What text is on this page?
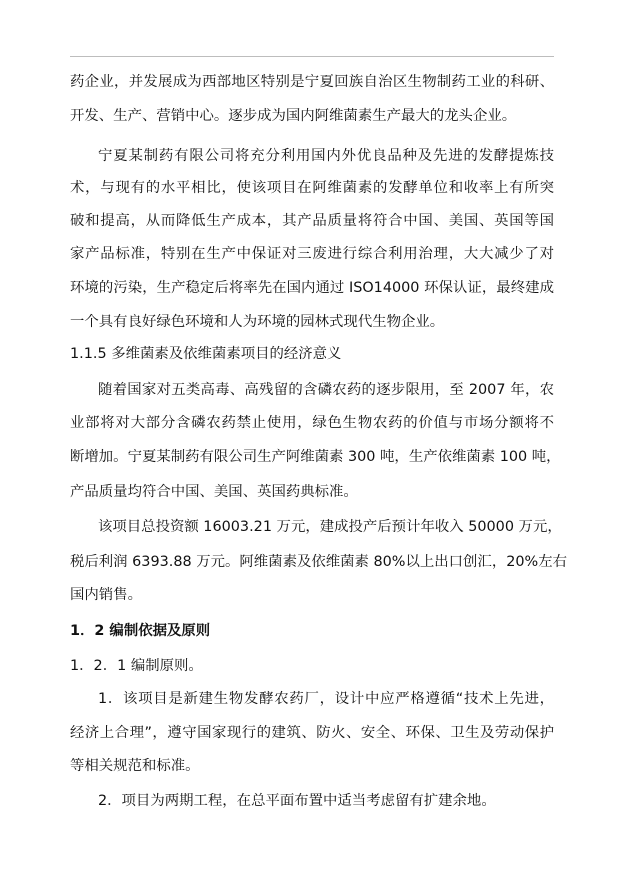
药企业，并发展成为西部地区特别是宁夏回族自治区生物制药工业的科研、
开发、生产、营销中心。逐步成为国内阿维菌素生产最大的龙头企业。
宁夏某制药有限公司将充分利用国内外优良品种及先进的发酵提炼技
术，与现有的水平相比，使该项目在阿维菌素的发酵单位和收率上有所突
破和提高，从而降低生产成本，其产品质量将符合中国、美国、英国等国
家产品标准，特别在生产中保证对三废进行综合利用治理，大大减少了对
环境的污染，生产稳定后将率先在国内通过 ISO14000 环保认证，最终建成
一个具有良好绿色环境和人为环境的园林式现代生物企业。
1.1.5 多维菌素及依维菌素项目的经济意义
随着国家对五类高毒、高残留的含磷农药的逐步限用，至 2007 年，农
业部将对大部分含磷农药禁止使用，绿色生物农药的价值与市场分额将不
断增加。宁夏某制药有限公司生产阿维菌素 300 吨，生产依维菌素 100 吨，
产品质量均符合中国、美国、英国药典标准。
该项目总投资额 16003.21 万元，建成投产后预计年收入 50000 万元，
税后利润 6393.88 万元。阿维菌素及依维菌素 80%以上出口创汇，20%左右
国内销售。
1．2 编制依据及原则
1．2．1 编制原则。
1．该项目是新建生物发酵农药厂，设计中应严格遵循“技术上先进，
经济上合理”，遵守国家现行的建筑、防火、安全、环保、卫生及劳动保护
等相关规范和标准。
2．项目为两期工程，在总平面布置中适当考虑留有扩建余地。
